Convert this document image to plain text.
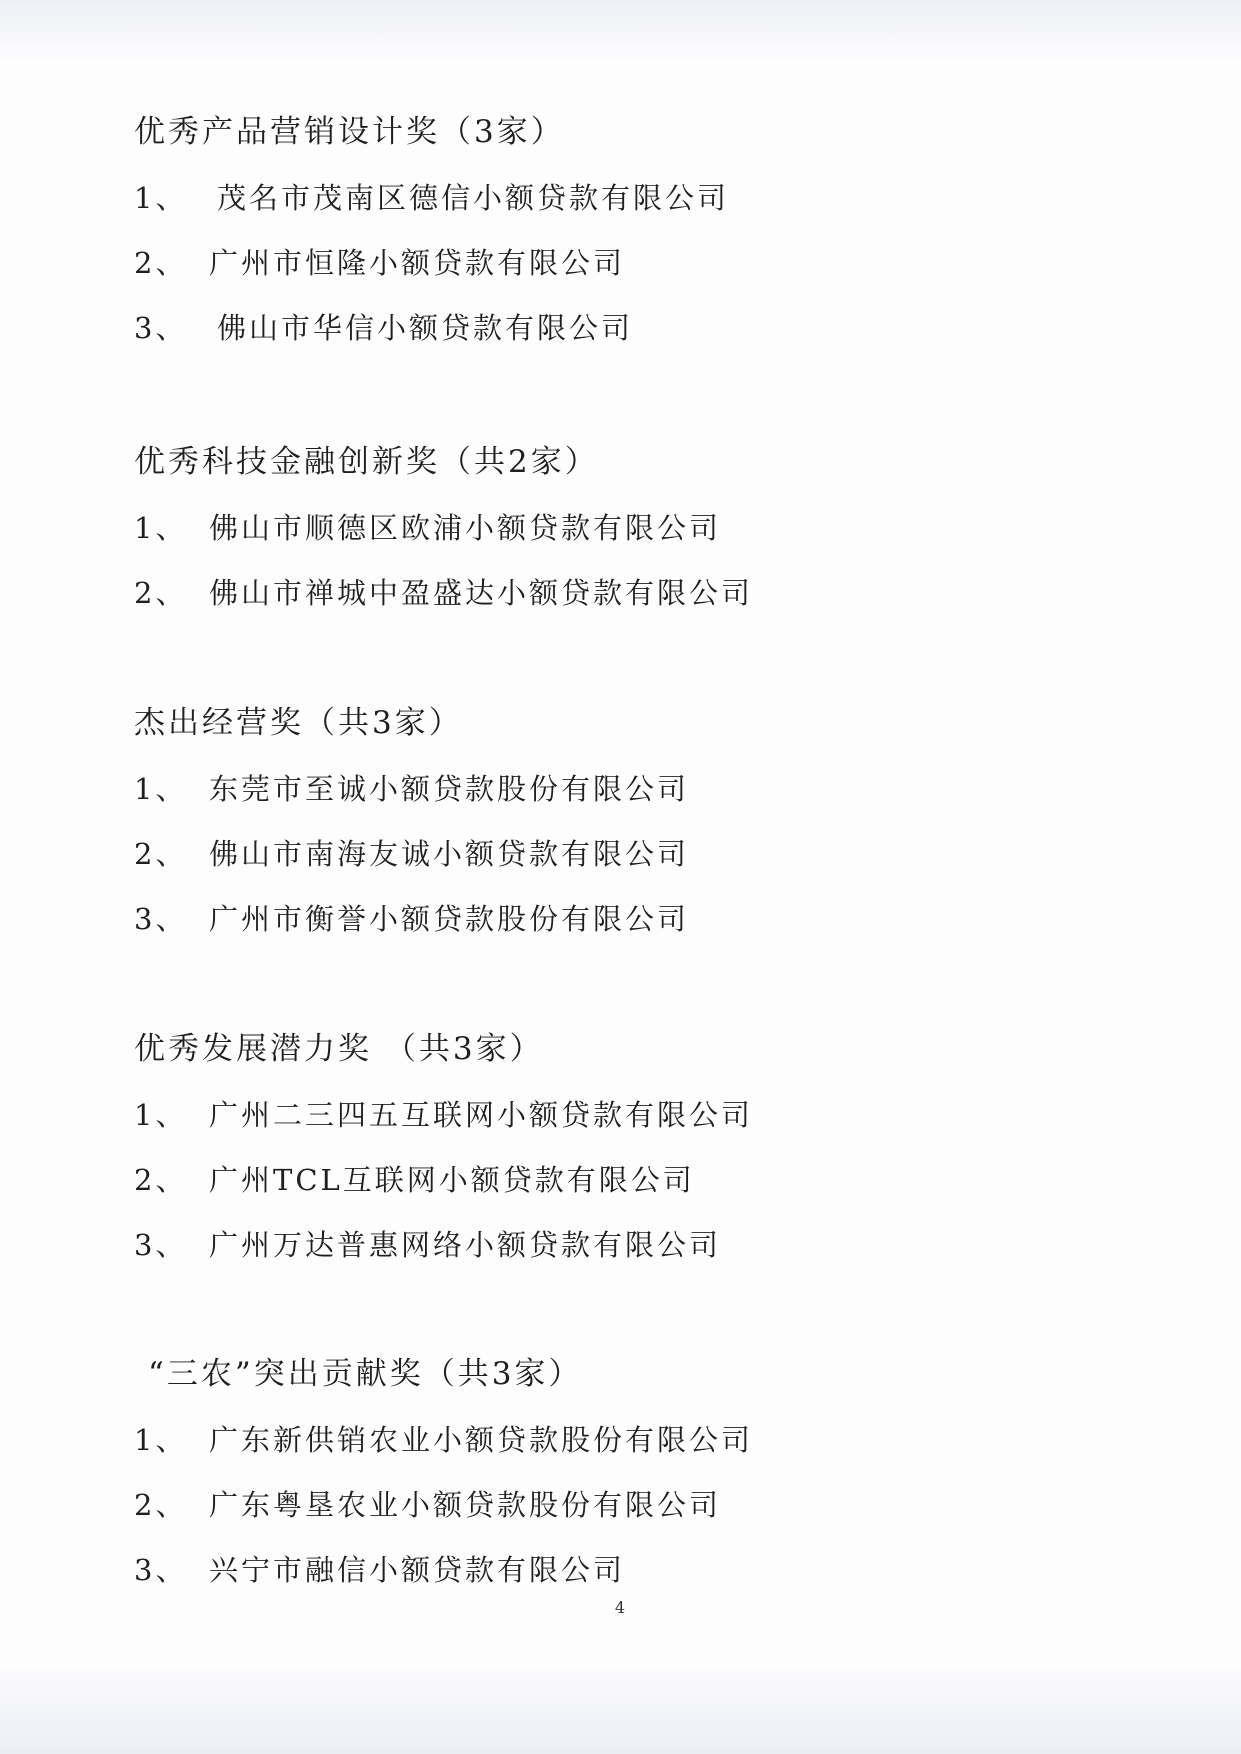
优秀产品营销设计奖（3家）
1、	茂名市茂南区德信小额贷款有限公司
2、 广州市恒隆小额贷款有限公司
3、	佛山市华信小额贷款有限公司
优秀科技金融创新奖（共2家）
1、 佛山市顺德区欧浦小额贷款有限公司
2、 佛山市禅城中盈盛达小额贷款有限公司
杰出经营奖（共3家）
1、 东莞市至诚小额贷款股份有限公司
2、 佛山市南海友诚小额贷款有限公司
3、 广州市衡誉小额贷款股份有限公司
优秀发展潜力奖 （共3家）
1、 广州二三四五互联网小额贷款有限公司
2、 广州TCL互联网小额贷款有限公司
3、 广州万达普惠网络小额贷款有限公司
“三农”突出贡献奖（共3家）
1、 广东新供销农业小额贷款股份有限公司
2、 广东粤垦农业小额贷款股份有限公司
3、 兴宁市融信小额贷款有限公司
4
